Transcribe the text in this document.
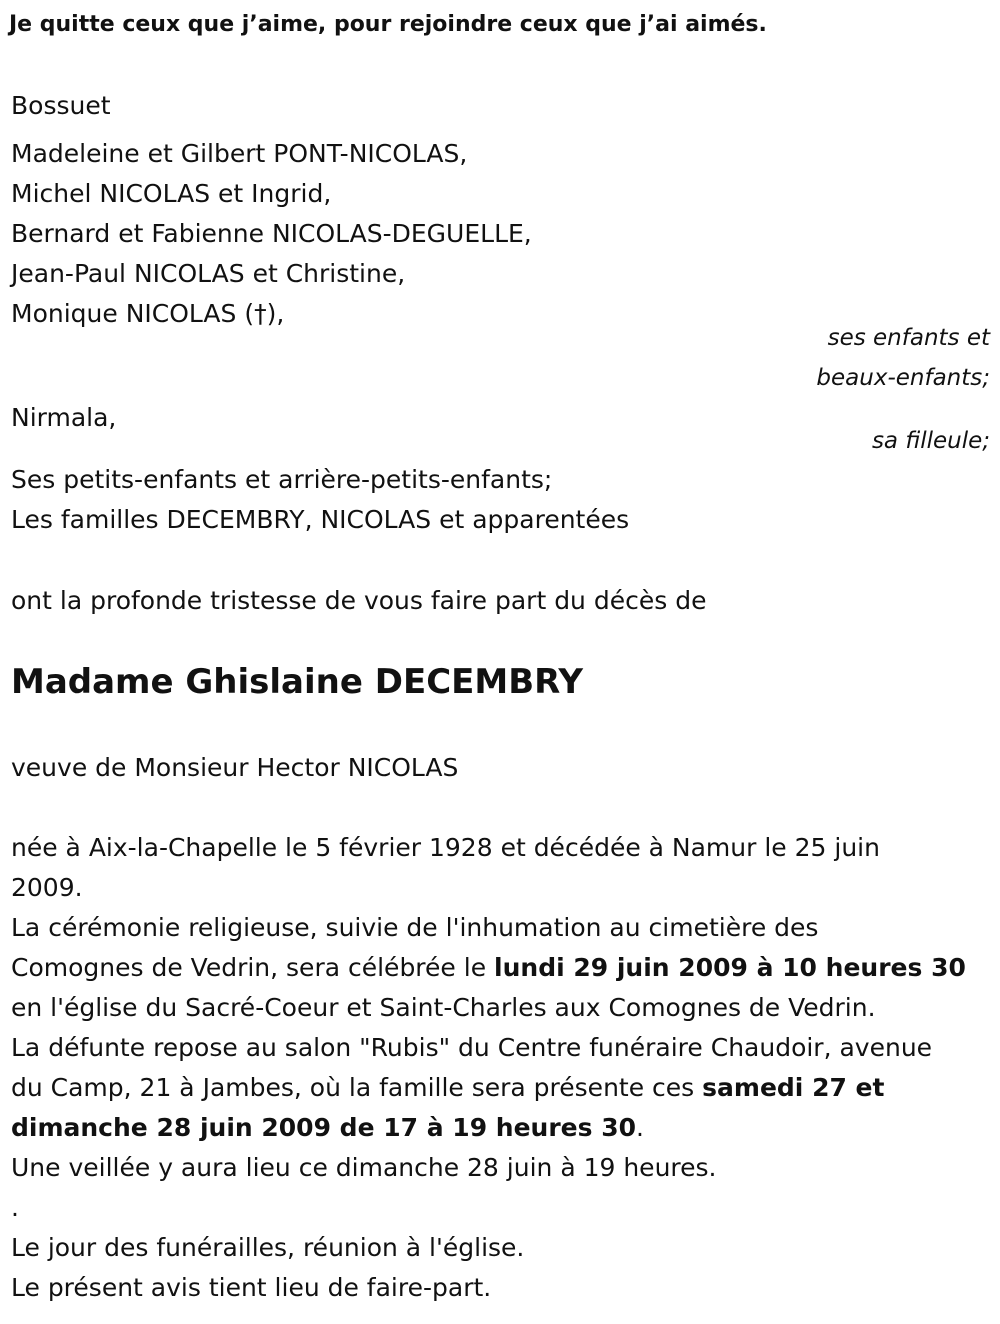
Je quitte ceux que j’aime, pour rejoindre ceux que j’ai aimés.
Bossuet
Madeleine et Gilbert PONT-NICOLAS,
Michel NICOLAS et Ingrid,
Bernard et Fabienne NICOLAS-DEGUELLE,
Jean-Paul NICOLAS et Christine,
Monique NICOLAS (†),
ses enfants et
beaux-enfants;
Nirmala,
sa filleule;
Ses petits-enfants et arrière-petits-enfants;
Les familles DECEMBRY, NICOLAS et apparentées
ont la profonde tristesse de vous faire part du décès de
Madame Ghislaine DECEMBRY
veuve de Monsieur Hector NICOLAS
née à Aix-la-Chapelle le 5 février 1928 et décédée à Namur le 25 juin
2009.
La cérémonie religieuse, suivie de l'inhumation au cimetière des
Comognes de Vedrin, sera célébrée le lundi 29 juin 2009 à 10 heures 30
en l'église du Sacré-Coeur et Saint-Charles aux Comognes de Vedrin.
La défunte repose au salon "Rubis" du Centre funéraire Chaudoir, avenue
du Camp, 21 à Jambes, où la famille sera présente ces samedi 27 et
dimanche 28 juin 2009 de 17 à 19 heures 30.
Une veillée y aura lieu ce dimanche 28 juin à 19 heures.
.
Le jour des funérailles, réunion à l'église.
Le présent avis tient lieu de faire-part.
